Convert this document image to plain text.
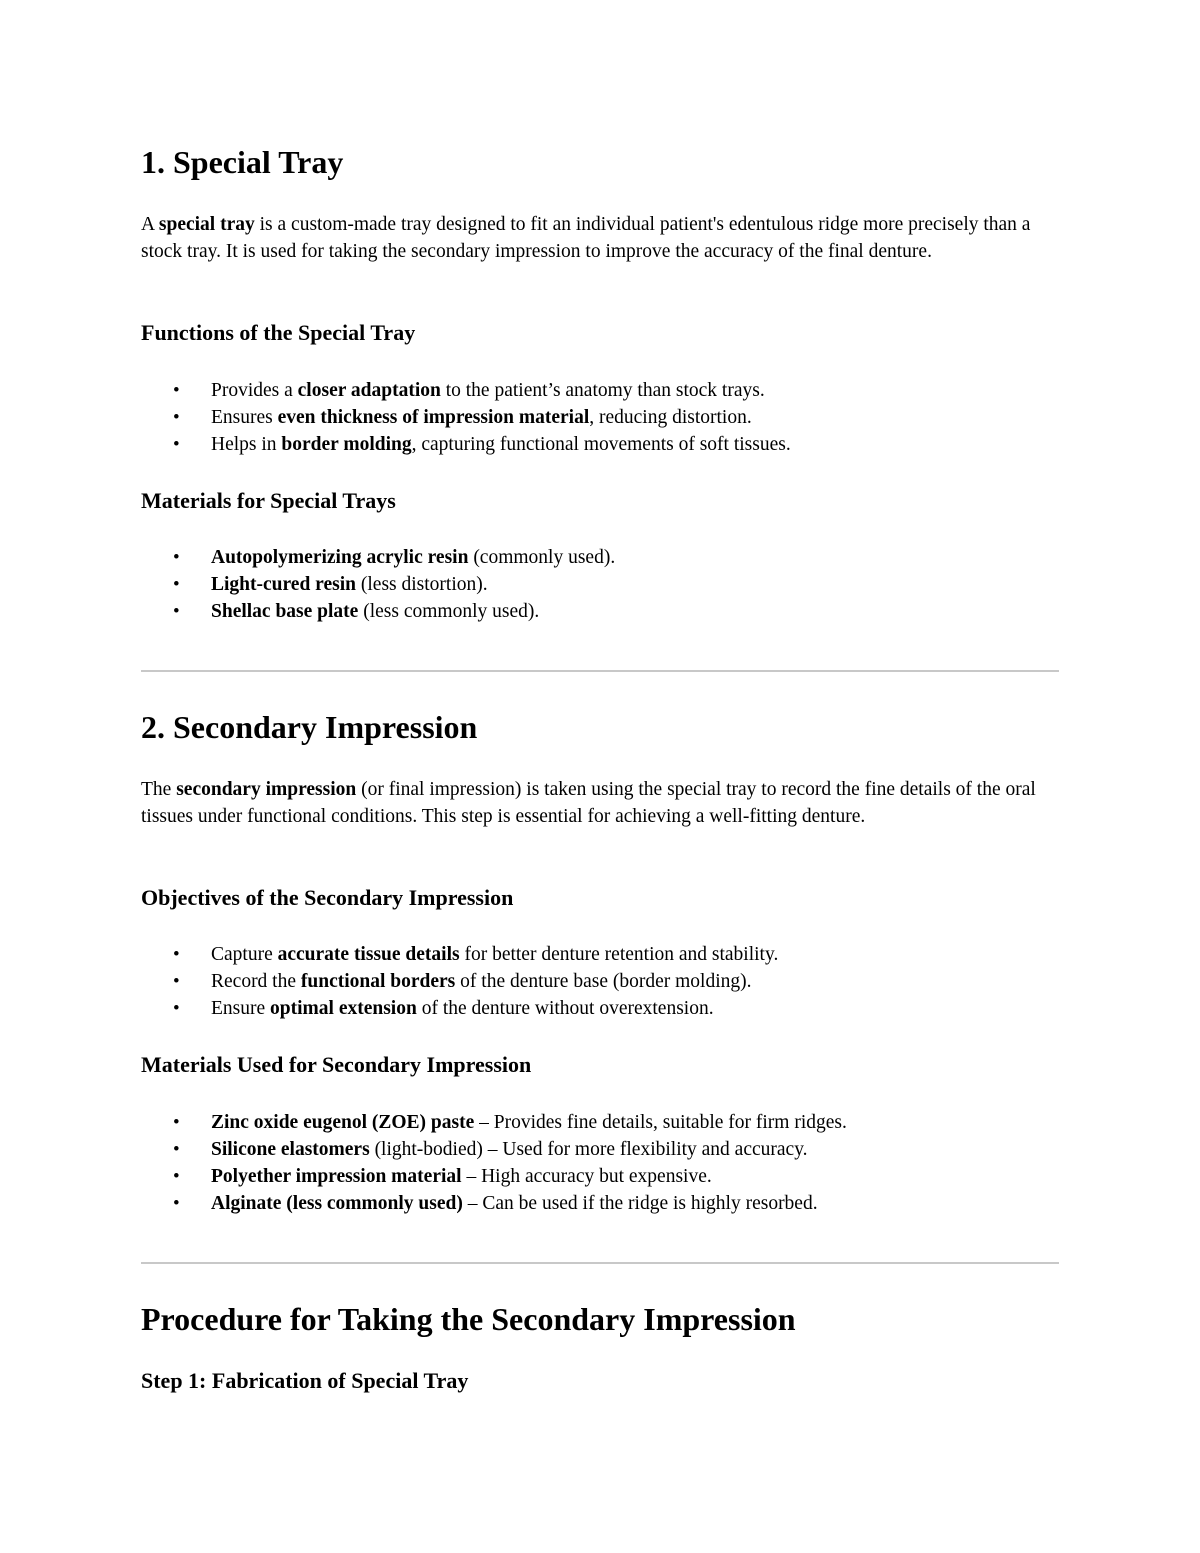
1. Special Tray

A special tray is a custom-made tray designed to fit an individual patient's edentulous ridge more precisely than a stock tray. It is used for taking the secondary impression to improve the accuracy of the final denture.

Functions of the Special Tray
• Provides a closer adaptation to the patient’s anatomy than stock trays.
• Ensures even thickness of impression material, reducing distortion.
• Helps in border molding, capturing functional movements of soft tissues.
Materials for Special Trays
• Autopolymerizing acrylic resin (commonly used).
• Light-cured resin (less distortion).
• Shellac base plate (less commonly used).
2. Secondary Impression

The secondary impression (or final impression) is taken using the special tray to record the fine details of the oral tissues under functional conditions. This step is essential for achieving a well-fitting denture.

Objectives of the Secondary Impression
• Capture accurate tissue details for better denture retention and stability.
• Record the functional borders of the denture base (border molding).
• Ensure optimal extension of the denture without overextension.
Materials Used for Secondary Impression
• Zinc oxide eugenol (ZOE) paste – Provides fine details, suitable for firm ridges.
• Silicone elastomers (light-bodied) – Used for more flexibility and accuracy.
• Polyether impression material – High accuracy but expensive.
• Alginate (less commonly used) – Can be used if the ridge is highly resorbed.
Procedure for Taking the Secondary Impression
Step 1: Fabrication of Special Tray
